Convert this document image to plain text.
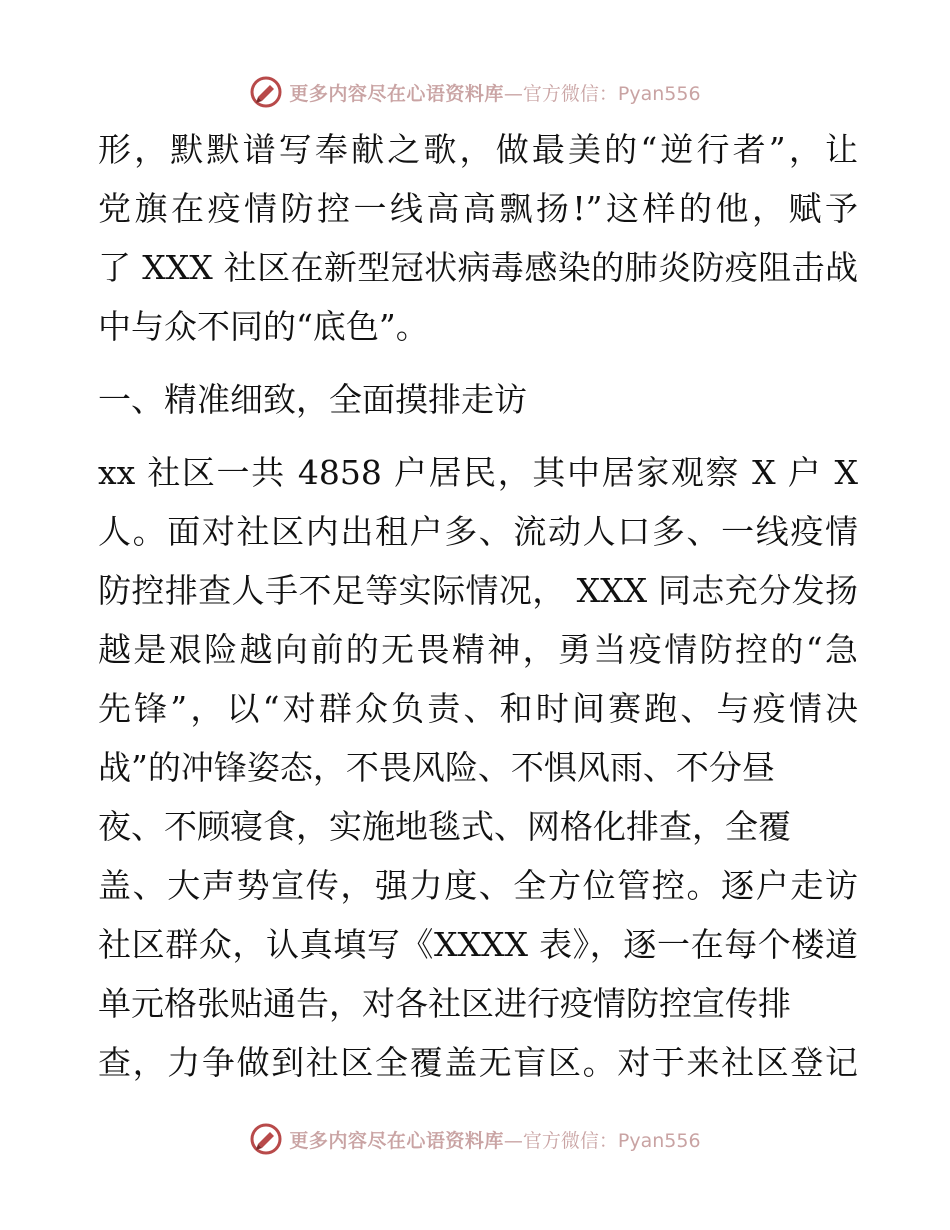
更多内容尽在心语资料库 —官方微信：Pyan556
形，默默谱写奉献之歌，做最美的“逆行者”，让
党旗在疫情防控一线高高飘扬!”这样的他，赋予
了 XXX 社区在新型冠状病毒感染的肺炎防疫阻击战
中与众不同的“底色”。
一、精准细致，全面摸排走访
xx 社区一共 4858 户居民，其中居家观察 X 户 X
人。面对社区内出租户多、流动人口多、一线疫情
防控排查人手不足等实际情况， XXX 同志充分发扬
越是艰险越向前的无畏精神，勇当疫情防控的“急
先锋”，以“对群众负责、和时间赛跑、与疫情决
战”的冲锋姿态，不畏风险、不惧风雨、不分昼
夜、不顾寝食，实施地毯式、网格化排查，全覆
盖、大声势宣传，强力度、全方位管控。逐户走访
社区群众，认真填写《XXXX 表》，逐一在每个楼道
单元格张贴通告，对各社区进行疫情防控宣传排
查，力争做到社区全覆盖无盲区。对于来社区登记
更多内容尽在心语资料库 —官方微信：Pyan556
